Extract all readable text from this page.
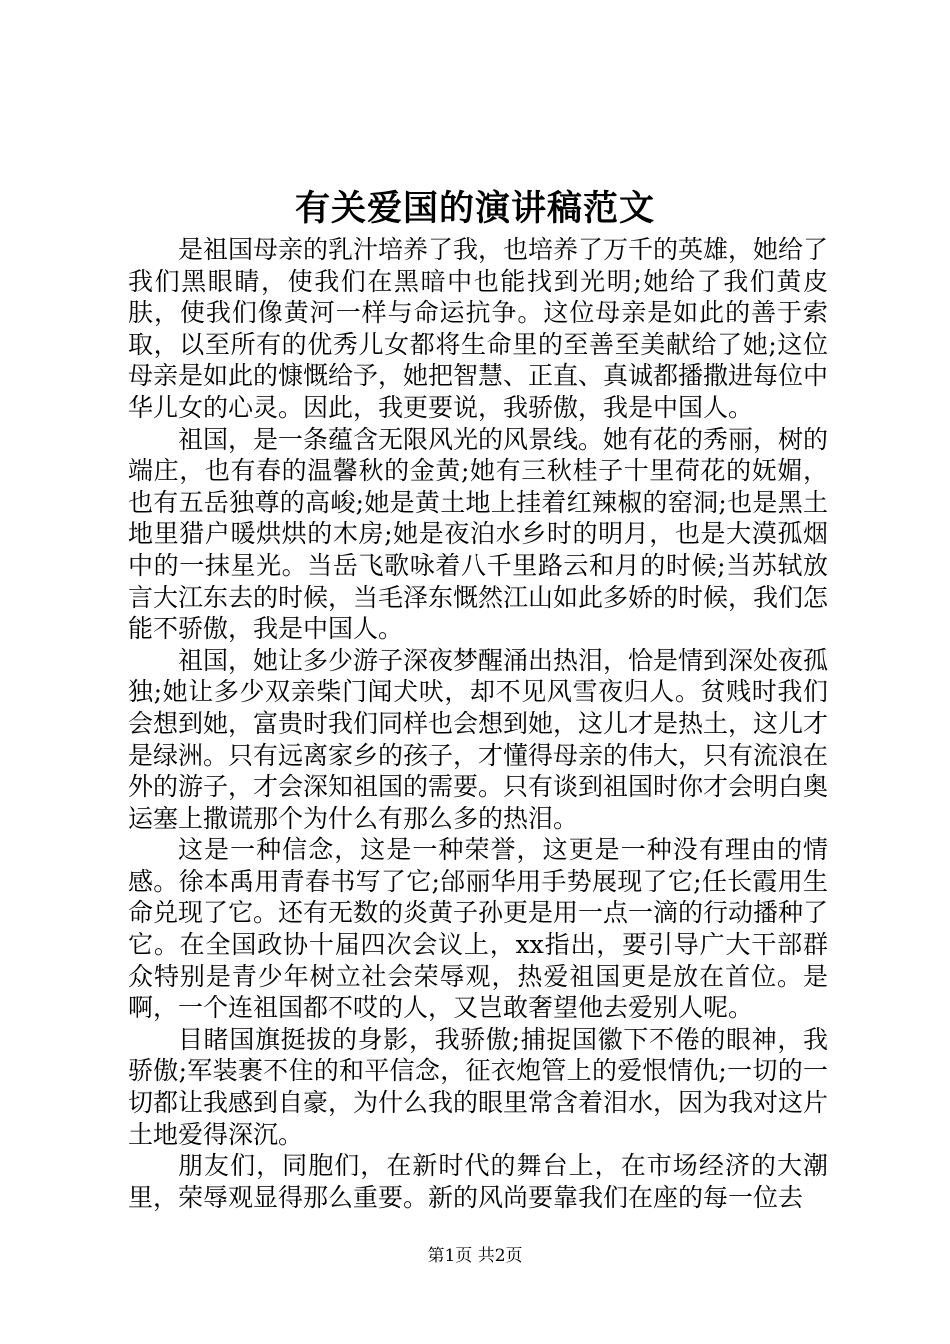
有关爱国的演讲稿范文

是祖国母亲的乳汁培养了我，也培养了万千的英雄，她给了我们黑眼睛，使我们在黑暗中也能找到光明;她给了我们黄皮肤，使我们像黄河一样与命运抗争。这位母亲是如此的善于索取，以至所有的优秀儿女都将生命里的至善至美献给了她;这位母亲是如此的慷慨给予，她把智慧、正直、真诚都播撒进每位中华儿女的心灵。因此，我更要说，我骄傲，我是中国人。

祖国，是一条蕴含无限风光的风景线。她有花的秀丽，树的端庄，也有春的温馨秋的金黄;她有三秋桂子十里荷花的妩媚，也有五岳独尊的高峻;她是黄土地上挂着红辣椒的窑洞;也是黑土地里猎户暖烘烘的木房;她是夜泊水乡时的明月，也是大漠孤烟中的一抹星光。当岳飞歌咏着八千里路云和月的时候;当苏轼放言大江东去的时候，当毛泽东慨然江山如此多娇的时候，我们怎能不骄傲，我是中国人。

祖国，她让多少游子深夜梦醒涌出热泪，恰是情到深处夜孤独;她让多少双亲柴门闻犬吠，却不见风雪夜归人。贫贱时我们会想到她，富贵时我们同样也会想到她，这儿才是热土，这儿才是绿洲。只有远离家乡的孩子，才懂得母亲的伟大，只有流浪在外的游子，才会深知祖国的需要。只有谈到祖国时你才会明白奥运塞上撒谎那个为什么有那么多的热泪。

这是一种信念，这是一种荣誉，这更是一种没有理由的情感。徐本禹用青春书写了它;邰丽华用手势展现了它;任长霞用生命兑现了它。还有无数的炎黄子孙更是用一点一滴的行动播种了它。在全国政协十届四次会议上，xx指出，要引导广大干部群众特别是青少年树立社会荣辱观，热爱祖国更是放在首位。是啊，一个连祖国都不哎的人，又岂敢奢望他去爱别人呢。

目睹国旗挺拔的身影，我骄傲;捕捉国徽下不倦的眼神，我骄傲;军装裹不住的和平信念，征衣炮管上的爱恨情仇;一切的一切都让我感到自豪，为什么我的眼里常含着泪水，因为我对这片土地爱得深沉。

朋友们，同胞们，在新时代的舞台上，在市场经济的大潮里，荣辱观显得那么重要。新的风尚要靠我们在座的每一位去

第1页 共2页
